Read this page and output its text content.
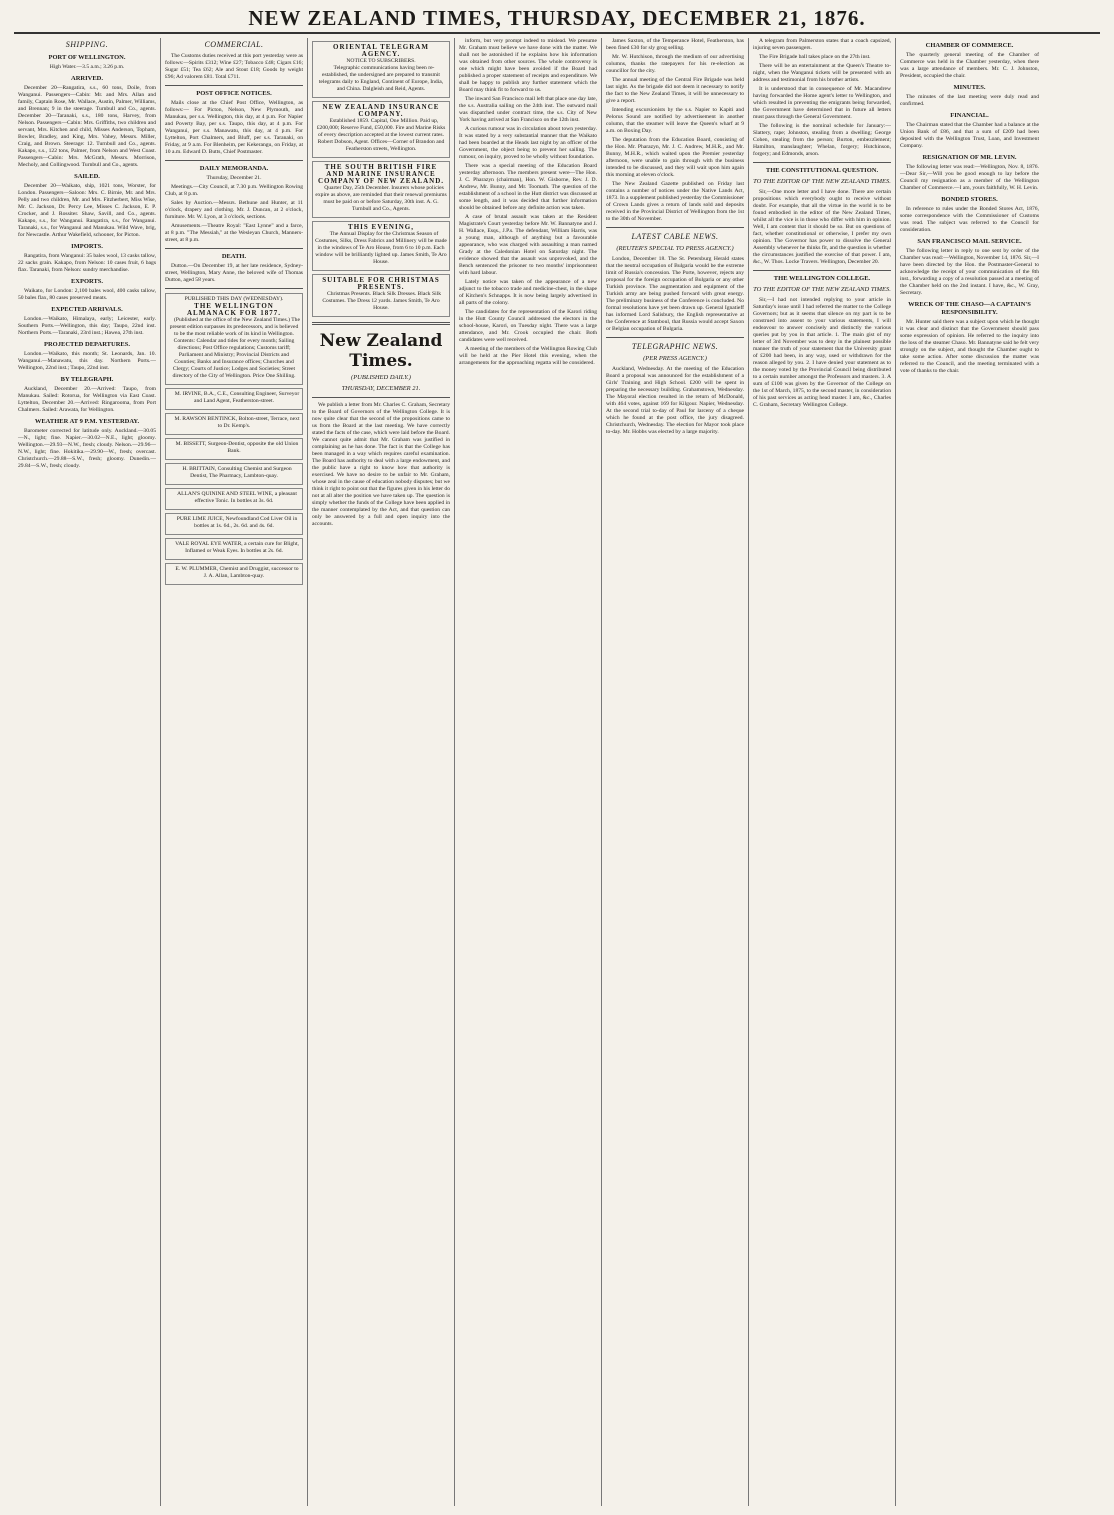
NEW ZEALAND TIMES, THURSDAY, DECEMBER 21, 1876.
SHIPPING.
PORT OF WELLINGTON.

High Water.—3.5 a.m.; 3.26 p.m.

ARRIVED.

December 20—Rangatira, s.s., 60 tons, Doile, from Wanganui. Passengers—Cabin: Mr. and Mrs. Allan and family, Captain Rose, Mr. Wallace, Austin, Palmer, Williams, and Brennan; 9 in the steerage. Turnbull and Co., agents. December 20—Taranaki, s.s., 180 tons, Harvey, from Nelson. Passengers—Cabin: Mrs. Griffiths, two children and servant, Mrs. Kitchen and child, Misses Anderson, Topham, Bowler, Bradley, and King, Mrs. Vahey, Messrs. Miller, Craig, and Brown. Steerage: 12. Turnbull and Co., agents. Kakapo, s.s., 122 tons, Palmer, from Nelson and West Coast. Passengers—Cabin: Mrs. McGrath, Messrs. Morrison, Mecholy, and Collingwood. Turnbull and Co., agents.

SAILED.

December 20—Waikato, ship, 1021 tons, Worster, for London. Passengers—Saloon: Mrs. C. Birnie, Mr. and Mrs. Pelly and two children, Mr. and Mrs. Fitzherbert, Miss Wise, Mr. C. Jackson, Dr. Percy Lee, Misses C. Jackson, E. P. Crocker, and J. Rossiter. Shaw, Savill, and Co., agents. Kakapo, s.s., for Wanganui. Rangatira, s.s., for Wanganui. Taranaki, s.s., for Wanganui and Manukau. Wild Wave, brig, for Newcastle. Arthur Wakefield, schooner, for Picton.

IMPORTS.

Rangatira, from Wanganui: 35 bales wool, 13 casks tallow, 22 sacks grain. Kakapo, from Nelson: 10 cases fruit, 6 bags flax. Taranaki, from Nelson: sundry merchandise.

EXPORTS.

Waikato, for London: 2,100 bales wool, 400 casks tallow, 50 bales flax, 80 cases preserved meats.

EXPECTED ARRIVALS.

London.—Waikato, Himalaya, early; Leicester, early. Southern Ports.—Wellington, this day; Taupo, 22nd inst. Northern Ports.—Taranaki, 23rd inst.; Hawea, 27th inst.

PROJECTED DEPARTURES.

London.—Waikato, this month; St. Leonards, Jan. 10. Wanganui.—Manawatu, this day. Northern Ports.—Wellington, 22nd inst.; Taupo, 22nd inst.

BY TELEGRAPH.

Auckland, December 20.—Arrived: Taupo, from Manukau. Sailed: Rotorua, for Wellington via East Coast. Lyttelton, December 20.—Arrived: Ringarooma, from Port Chalmers. Sailed: Arawata, for Wellington.

WEATHER AT 9 P.M. YESTERDAY.

Barometer corrected for latitude only. Auckland.—30.05—N., light; fine. Napier.—30.02—N.E., light; gloomy. Wellington.—29.93—N.W., fresh; cloudy. Nelson.—29.96—N.W., light; fine. Hokitika.—29.90—W., fresh; overcast. Christchurch.—29.88—S.W., fresh; gloomy. Dunedin.—29.84—S.W., fresh; cloudy.

COMMERCIAL.

The Customs duties received at this port yesterday were as follows:—Spirits £312; Wine £27; Tobacco £48; Cigars £16; Sugar £51; Tea £62; Ale and Stout £18; Goods by weight £96; Ad valorem £81. Total £711.

POST OFFICE NOTICES.

Mails close at the Chief Post Office, Wellington, as follows:— For Picton, Nelson, New Plymouth, and Manukau, per s.s. Wellington, this day, at 4 p.m. For Napier and Poverty Bay, per s.s. Taupo, this day, at 4 p.m. For Wanganui, per s.s. Manawatu, this day, at 4 p.m. For Lyttelton, Port Chalmers, and Bluff, per s.s. Taranaki, on Friday, at 9 a.m. For Blenheim, per Kekerangu, on Friday, at 10 a.m. Edward D. Butts, Chief Postmaster.

DAILY MEMORANDA.

Thursday, December 21.

Meetings.—City Council, at 7.30 p.m. Wellington Rowing Club, at 8 p.m.

Sales by Auction.—Messrs. Bethune and Hunter, at 11 o'clock, drapery and clothing. Mr. J. Duncan, at 2 o'clock, furniture. Mr. W. Lyon, at 3 o'clock, sections.

Amusements.—Theatre Royal: "East Lynne" and a farce, at 8 p.m. "The Messiah," at the Wesleyan Church, Manners-street, at 8 p.m.

DEATH.

Dutton.—On December 19, at her late residence, Sydney-street, Wellington, Mary Anne, the beloved wife of Thomas Dutton, aged 58 years.

PUBLISHED THIS DAY (WEDNESDAY).
THE WELLINGTON ALMANACK FOR 1877.

(Published at the office of the New Zealand Times.) The present edition surpasses its predecessors, and is believed to be the most reliable work of its kind in Wellington. Contents: Calendar and tides for every month; Sailing directions; Post Office regulations; Customs tariff; Parliament and Ministry; Provincial Districts and Counties; Banks and Insurance offices; Churches and Clergy; Courts of Justice; Lodges and Societies; Street directory of the City of Wellington. Price One Shilling.

M. IRVINE, B.A., C.E., Consulting Engineer, Surveyor and Land Agent, Featherston-street.

M. RAWSON BENTINCK, Bolton-street, Terrace, next to Dr. Kemp's.

M. BISSETT, Surgeon-Dentist, opposite the old Union Bank.

H. BRITTAIN, Consulting Chemist and Surgeon Dentist, The Pharmacy, Lambton-quay.

ALLAN'S QUININE AND STEEL WINE, a pleasant effective Tonic. In bottles at 3s. 6d.

PURE LIME JUICE, Newfoundland Cod Liver Oil in bottles at 1s. 6d., 2s. 6d. and 4s. 6d.

VALE ROYAL EYE WATER, a certain cure for Blight, Inflamed or Weak Eyes. In bottles at 2s. 6d.

E. W. PLUMMER, Chemist and Druggist, successor to J. A. Allan, Lambton-quay.

ORIENTAL TELEGRAM AGENCY.
NOTICE TO SUBSCRIBERS.

Telegraphic communications having been re-established, the undersigned are prepared to transmit telegrams daily to England, Continent of Europe, India, and China. Dalgleish and Reid, Agents.

NEW ZEALAND INSURANCE COMPANY.

Established 1859. Capital, One Million. Paid up, £200,000; Reserve Fund, £50,000. Fire and Marine Risks of every description accepted at the lowest current rates. Robert Dobson, Agent. Offices—Corner of Brandon and Featherston streets, Wellington.

THE SOUTH BRITISH FIRE AND MARINE INSURANCE COMPANY OF NEW ZEALAND.

Quarter Day, 25th December. Insurers whose policies expire as above, are reminded that their renewal premiums must be paid on or before Saturday, 30th inst. A. G. Turnbull and Co., Agents.

THIS EVENING,

The Annual Display for the Christmas Season of Costumes, Silks, Dress Fabrics and Millinery will be made in the windows of Te Aro House, from 6 to 10 p.m. Each window will be brilliantly lighted up. James Smith, Te Aro House.

SUITABLE FOR CHRISTMAS PRESENTS.

Christmas Presents. Black Silk Dresses. Black Silk Costumes. The Dress 12 yards. James Smith, Te Aro House.

New Zealand Times.
(PUBLISHED DAILY.)
THURSDAY, DECEMBER 21.

We publish a letter from Mr. Charles C. Graham, Secretary to the Board of Governors of the Wellington College. It is now quite clear that the second of the propositions came to us from the Board at the last meeting. We have correctly stated the facts of the case, which were laid before the Board. We cannot quite admit that Mr. Graham was justified in complaining as he has done. The fact is that the College has been managed in a way which requires careful examination. The Board has authority to deal with a large endowment, and the public have a right to know how that authority is exercised. We have no desire to be unfair to Mr. Graham, whose zeal in the cause of education nobody disputes; but we think it right to point out that the figures given in his letter do not at all alter the position we have taken up. The question is simply whether the funds of the College have been applied in the manner contemplated by the Act, and that question can only be answered by a full and open inquiry into the accounts.

inform, but very prompt indeed to mislead. We presume Mr. Graham must believe we have done with the matter. We shall not be astonished if he explains how his information was obtained from other sources. The whole controversy is one which might have been avoided if the Board had published a proper statement of receipts and expenditure. We shall be happy to publish any further statement which the Board may think fit to forward to us.

The inward San Francisco mail left that place one day late, the s.s. Australia sailing on the 24th inst. The outward mail was dispatched under contract time, the s.s. City of New York having arrived at San Francisco on the 12th inst.

A curious rumour was in circulation about town yesterday. It was stated by a very substantial manner that the Waikato had been boarded at the Heads last night by an officer of the Government, the object being to prevent her sailing. The rumour, on inquiry, proved to be wholly without foundation.

There was a special meeting of the Education Board yesterday afternoon. The members present were—The Hon. J. C. Pharazyn (chairman), Hon. W. Gisborne, Rev. J. D. Andrew, Mr. Bunny, and Mr. Toomath. The question of the establishment of a school in the Hutt district was discussed at some length, and it was decided that further information should be obtained before any definite action was taken.

A case of brutal assault was taken at the Resident Magistrate's Court yesterday before Mr. W. Bannatyne and J. H. Wallace, Esqs., J.P.s. The defendant, William Harris, was a young man, although of anything but a favourable appearance, who was charged with assaulting a man named Grady at the Caledonian Hotel on Saturday night. The evidence showed that the assault was unprovoked, and the Bench sentenced the prisoner to two months' imprisonment with hard labour.

Lately notice was taken of the appearance of a new adjunct to the tobacco trade and medicine-chest, in the shape of Kitchen's Schnapps. It is now being largely advertised in all parts of the colony.

The candidates for the representation of the Karori riding in the Hutt County Council addressed the electors in the school-house, Karori, on Tuesday night. There was a large attendance, and Mr. Crook occupied the chair. Both candidates were well received.

A meeting of the members of the Wellington Rowing Club will be held at the Pier Hotel this evening, when the arrangements for the approaching regatta will be considered.

James Saxton, of the Temperance Hotel, Featherston, has been fined £30 for sly grog selling.

Mr. W. Hutchison, through the medium of our advertising columns, thanks the ratepayers for his re-election as councillor for the city.

The annual meeting of the Central Fire Brigade was held last night. As the brigade did not deem it necessary to notify the fact to the New Zealand Times, it will be unnecessary to give a report.

Intending excursionists by the s.s. Napier to Kapiti and Pelorus Sound are notified by advertisement in another column, that the steamer will leave the Queen's wharf at 9 a.m. on Boxing Day.

The deputation from the Education Board, consisting of the Hon. Mr. Pharazyn, Mr. J. C. Andrew, M.H.R., and Mr. Bunny, M.H.R., which waited upon the Premier yesterday afternoon, were unable to gain through with the business intended to be discussed, and they will wait upon him again this morning at eleven o'clock.

The New Zealand Gazette published on Friday last contains a number of notices under the Native Lands Act, 1873. In a supplement published yesterday the Commissioner of Crown Lands gives a return of lands sold and deposits received in the Provincial District of Wellington from the 1st to the 30th of November.

LATEST CABLE NEWS.
(REUTER'S SPECIAL TO PRESS AGENCY.)

London, December 18. The St. Petersburg Herald states that the neutral occupation of Bulgaria would be the extreme limit of Russia's concession. The Porte, however, rejects any proposal for the foreign occupation of Bulgaria or any other Turkish province. The augmentation and equipment of the Turkish army are being pushed forward with great energy. The preliminary business of the Conference is concluded. No formal resolutions have yet been drawn up. General Ignatieff has informed Lord Salisbury, the English representative at the Conference at Stamboul, that Russia would accept Saxon or Belgian occupation of Bulgaria.

TELEGRAPHIC NEWS.
(PER PRESS AGENCY.)

Auckland, Wednesday. At the meeting of the Education Board a proposal was announced for the establishment of a Girls' Training and High School. £200 will be spent in preparing the necessary building. Grahamstown, Wednesday. The Mayoral election resulted in the return of McDonald, with 464 votes, against 169 for Kilgour. Napier, Wednesday. At the second trial to-day of Paul for larceny of a cheque which he found at the post office, the jury disagreed. Christchurch, Wednesday. The election for Mayor took place to-day. Mr. Hobbs was elected by a large majority.

A telegram from Palmerston states that a coach capsized, injuring seven passengers.

The Fire Brigade ball takes place on the 27th inst.

There will be an entertainment at the Queen's Theatre to-night, when the Wanganui tickets will be presented with an address and testimonial from his brother artists.

It is understood that in consequence of Mr. Macandrew having forwarded the Home agent's letter to Wellington, and which resulted in preventing the emigrants being forwarded, the Government have determined that in future all letters must pass through the General Government.

The following is the nominal schedule for January:—Slattery, rape; Johnston, stealing from a dwelling; George Cohen, stealing from the person; Burton, embezzlement; Hamilton, manslaughter; Whelan, forgery; Hutchinson, forgery; and Edmonds, arson.

THE CONSTITUTIONAL QUESTION.
TO THE EDITOR OF THE NEW ZEALAND TIMES.

Sir,—One more letter and I have done. There are certain propositions which everybody ought to receive without doubt. For example, that all the virtue in the world is to be found embodied in the editor of the New Zealand Times, whilst all the vice is in those who differ with him in opinion. Well, I am content that it should be so. But on questions of fact, whether constitutional or otherwise, I prefer my own opinion. The Governor has power to dissolve the General Assembly whenever he thinks fit, and the question is whether the circumstances justified the exercise of that power. I am, &c., W. Thos. Locke Travers. Wellington, December 20.

THE WELLINGTON COLLEGE.
TO THE EDITOR OF THE NEW ZEALAND TIMES.

Sir,—I had not intended replying to your article in Saturday's issue until I had referred the matter to the College Governors; but as it seems that silence on my part is to be construed into assent to your various statements, I will endeavour to answer concisely and distinctly the various queries put by you in that article. 1. The main gist of my letter of 3rd November was to deny in the plainest possible manner the truth of your statement that the University grant of £200 had been, in any way, used or withdrawn for the reason alleged by you. 2. I have denied your statement as to the money voted by the Provincial Council being distributed to a certain number amongst the Professors and masters. 3. A sum of £100 was given by the Governor of the College on the 1st of March, 1875, to the second master, in consideration of his past services as acting head master. I am, &c., Charles C. Graham, Secretary Wellington College.

CHAMBER OF COMMERCE.

The quarterly general meeting of the Chamber of Commerce was held in the Chamber yesterday, when there was a large attendance of members. Mr. C. J. Johnston, President, occupied the chair.

MINUTES.

The minutes of the last meeting were duly read and confirmed.

FINANCIAL.

The Chairman stated that the Chamber had a balance at the Union Bank of £86, and that a sum of £209 had been deposited with the Wellington Trust, Loan, and Investment Company.

RESIGNATION OF MR. LEVIN.

The following letter was read:—Wellington, Nov. 8, 1876.—Dear Sir,—Will you be good enough to lay before the Council my resignation as a member of the Wellington Chamber of Commerce.—I am, yours faithfully, W. H. Levin.

BONDED STORES.

In reference to rules under the Bonded Stores Act, 1876, some correspondence with the Commissioner of Customs was read. The subject was referred to the Council for consideration.

SAN FRANCISCO MAIL SERVICE.

The following letter in reply to one sent by order of the Chamber was read:—Wellington, November 14, 1876. Sir,—I have been directed by the Hon. the Postmaster-General to acknowledge the receipt of your communication of the 8th inst., forwarding a copy of a resolution passed at a meeting of the Chamber held on the 2nd instant. I have, &c., W. Gray, Secretary.

WRECK OF THE CHASO—A CAPTAIN'S RESPONSIBILITY.

Mr. Hunter said there was a subject upon which he thought it was clear and distinct that the Government should pass some expression of opinion. He referred to the inquiry into the loss of the steamer Chaso. Mr. Bannatyne said he felt very strongly on the subject, and thought the Chamber ought to take some action. After some discussion the matter was referred to the Council, and the meeting terminated with a vote of thanks to the chair.
